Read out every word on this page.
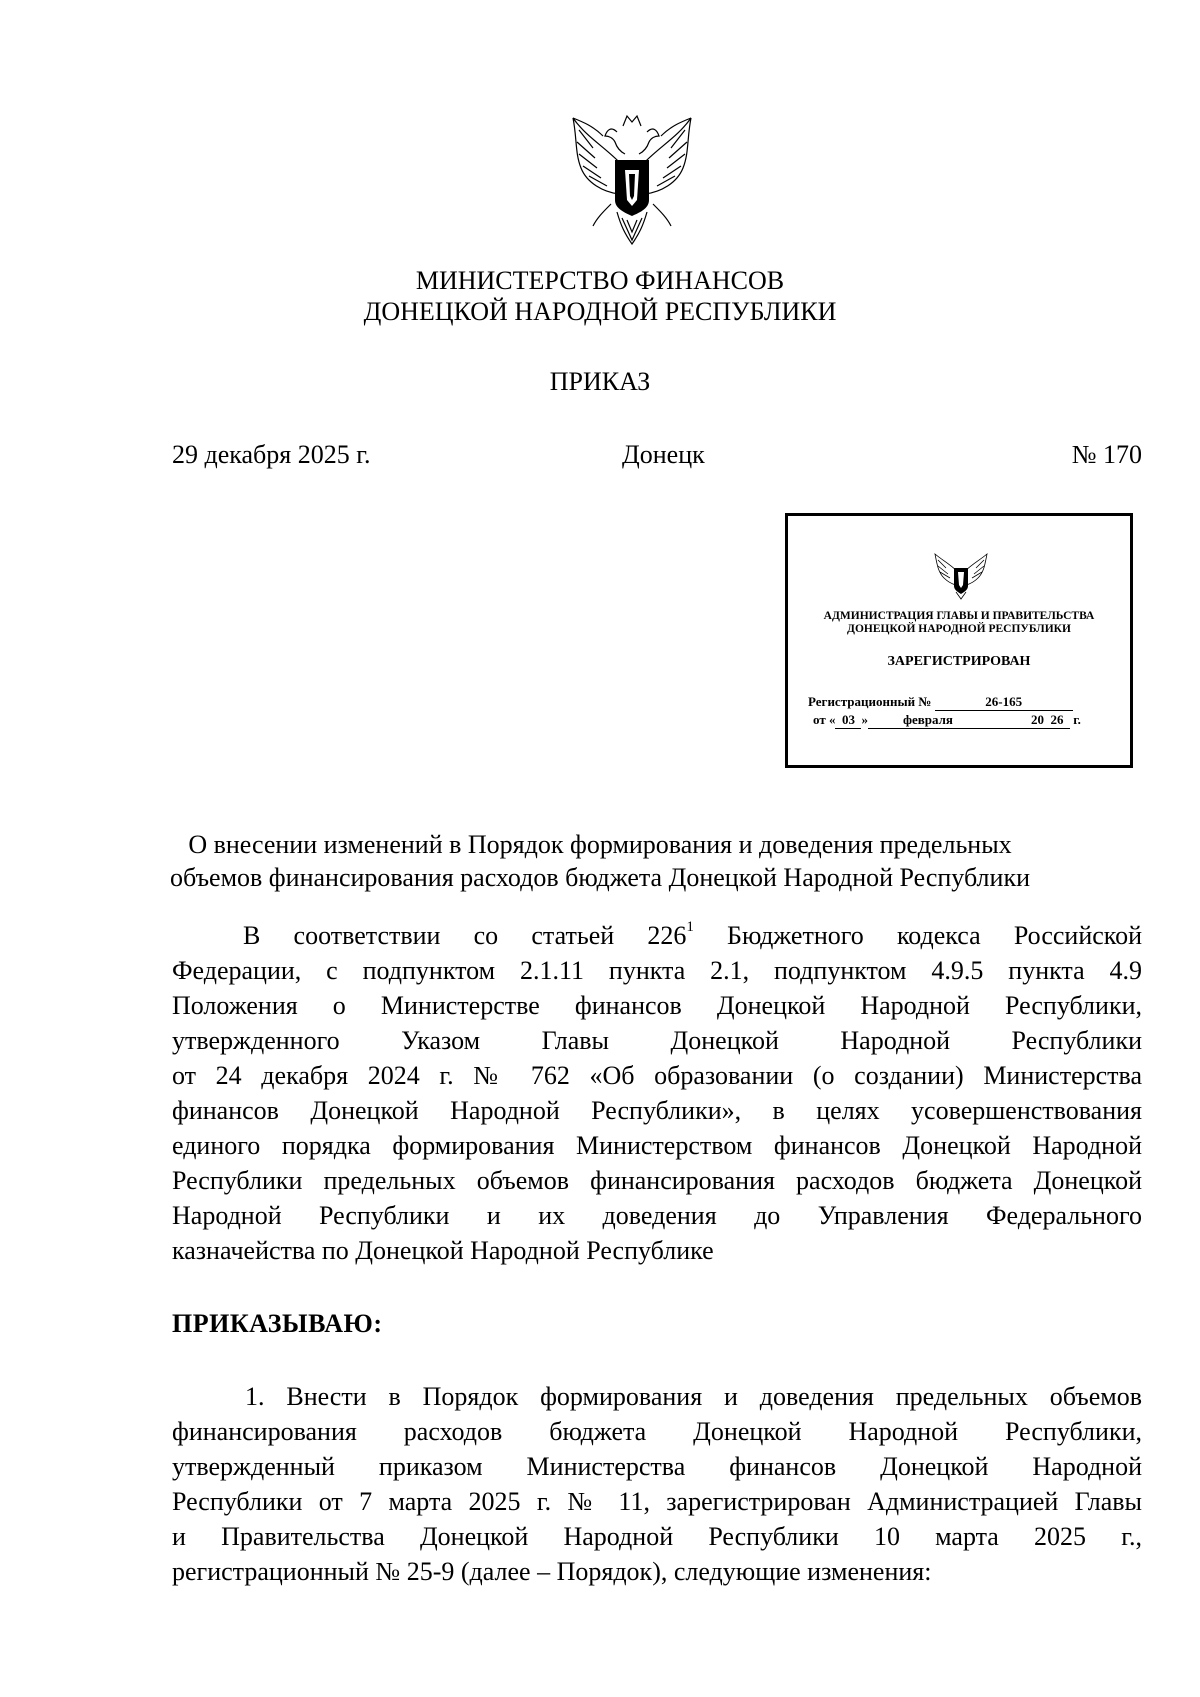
МИНИСТЕРСТВО ФИНАНСОВ
ДОНЕЦКОЙ НАРОДНОЙ РЕСПУБЛИКИ
ПРИКАЗ
29 декабря 2025 г.	Донецк	№ 170
АДМИНИСТРАЦИЯ ГЛАВЫ И ПРАВИТЕЛЬСТВА
ДОНЕЦКОЙ НАРОДНОЙ РЕСПУБЛИКИ
ЗАРЕГИСТРИРОВАН
Регистрационный №	26-165
от « 03 »	февраля	20 26 г.
О внесении изменений в Порядок формирования и доведения предельных
объемов финансирования расходов бюджета Донецкой Народной Республики
В соответствии со статьей $226^1$ Бюджетного кодекса Российской
Федерации, с подпунктом 2.1.11 пункта 2.1, подпунктом 4.9.5 пункта 4.9
Положения о Министерстве финансов Донецкой Народной Республики,
утвержденного Указом Главы Донецкой Народной Республики
от 24 декабря 2024 г. № 762 «Об образовании (о создании) Министерства
финансов Донецкой Народной Республики», в целях усовершенствования
единого порядка формирования Министерством финансов Донецкой Народной
Республики предельных объемов финансирования расходов бюджета Донецкой
Народной Республики и их доведения до Управления Федерального
казначейства по Донецкой Народной Республике
ПРИКАЗЫВАЮ:
1. Внести в Порядок формирования и доведения предельных объемов
финансирования расходов бюджета Донецкой Народной Республики,
утвержденный приказом Министерства финансов Донецкой Народной
Республики от 7 марта 2025 г. № 11, зарегистрирован Администрацией Главы
и Правительства Донецкой Народной Республики 10 марта 2025 г.,
регистрационный № 25-9 (далее – Порядок), следующие изменения:
